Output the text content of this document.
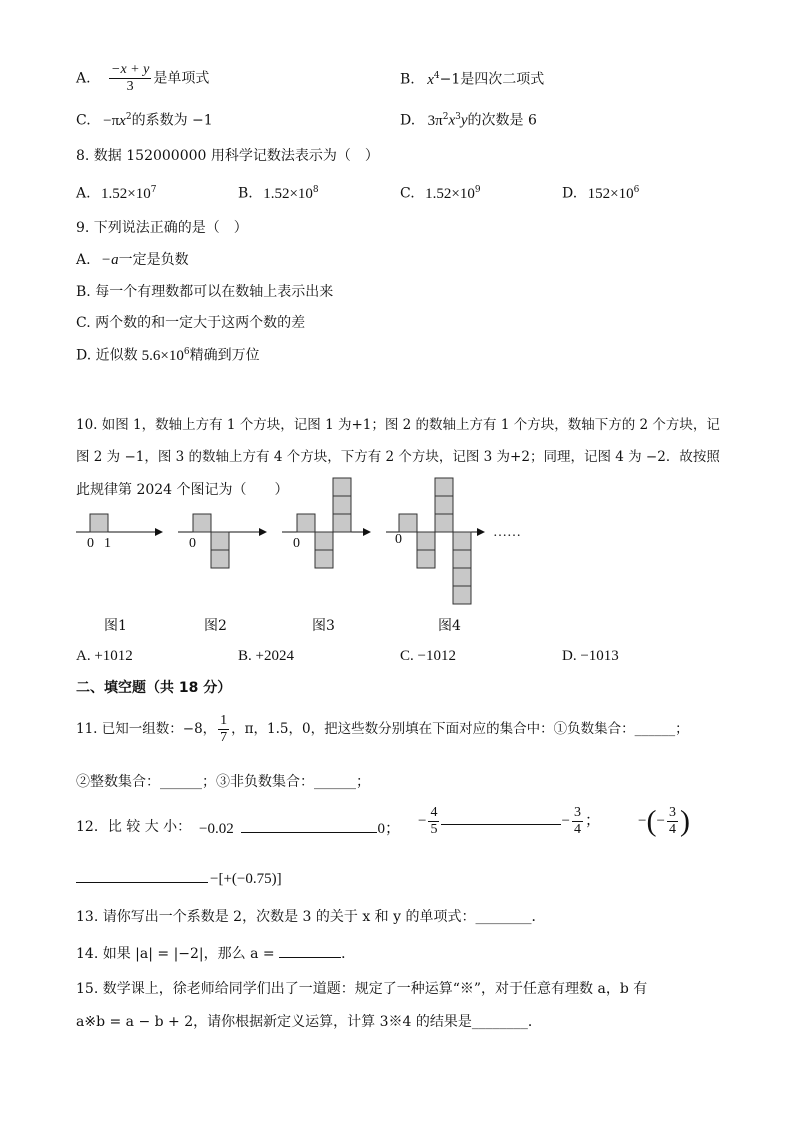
A. $\frac{-x + y}{3}$ 是单项式	B. $x^4-1$是四次二项式
C. $-\pi x^2$的系数为 −1	D. $3\pi^2x^3y$的次数是 6
8. 数据 152000000 用科学记数法表示为（　）
A. $1.52\times 10^7$	B. $1.52\times 10^8$	C. $1.52\times 10^9$	D. $152\times 10^6$
9. 下列说法正确的是（　）
A. −a一定是负数
B. 每一个有理数都可以在数轴上表示出来
C. 两个数的和一定大于这两个数的差
D. 近似数 $5.6\times 10^6$精确到万位
10. 如图 1，数轴上方有 1 个方块，记图 1 为+1；图 2 的数轴上方有 1 个方块，数轴下方的 2 个方块，记
图 2 为 −1，图 3 的数轴上方有 4 个方块，下方有 2 个方块，记图 3 为+2；同理，记图 4 为 −2．故按照
此规律第 2024 个图记为（　　）
0 1	0	0	0	……
图1	图2	图3	图4
A. +1012	B. +2024	C. −1012	D. −1013
二、填空题（共 18 分）
11. 已知一组数：−8， $\frac{1}{7}$ ，π，1.5，0，把这些数分别填在下面对应的集合中：①负数集合：______；
②整数集合：______；③非负数集合：______；
12．比 较 大 小： −0.02	0；
− $\frac{4}{5}$	− $\frac{3}{4}$ ；	−(− $\frac{3}{4}$ )
−[+(−0.75)]
13. 请你写出一个系数是 2，次数是 3 的关于 x 和 y 的单项式：________．
14. 如果 |a| = |−2|，那么 a =	．
15. 数学课上，徐老师给同学们出了一道题：规定了一种运算“※”，对于任意有理数 a，b 有
a※b = a − b + 2，请你根据新定义运算，计算 3※4 的结果是________．
